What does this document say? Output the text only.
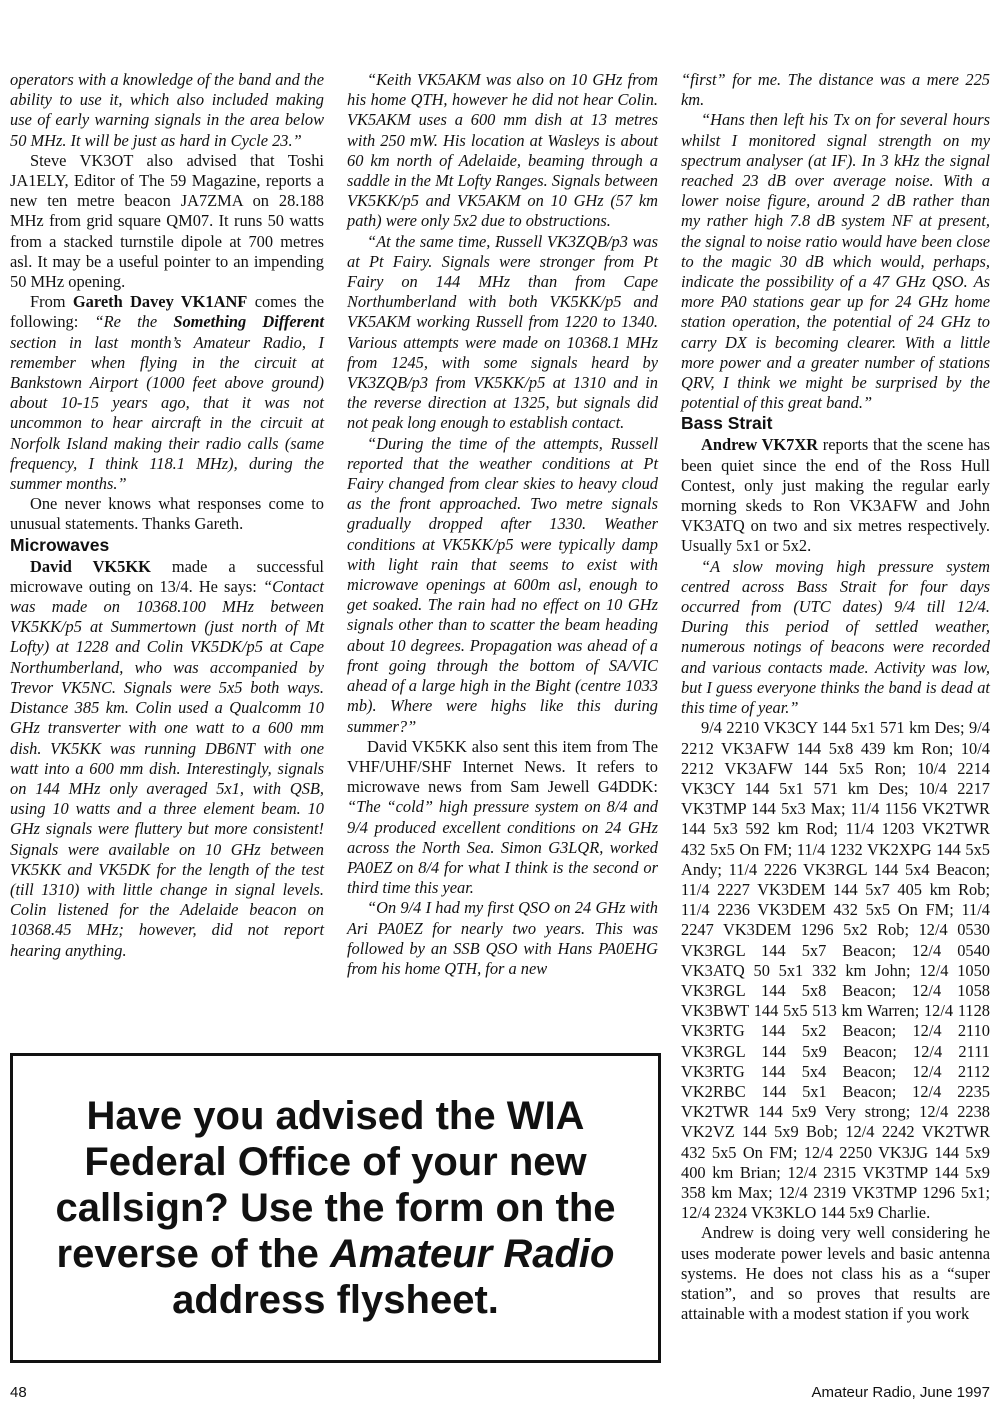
operators with a knowledge of the band and the ability to use it, which also included making use of early warning signals in the area below 50 MHz. It will be just as hard in Cycle 23.”

Steve VK3OT also advised that Toshi JA1ELY, Editor of The 59 Magazine, reports a new ten metre beacon JA7ZMA on 28.188 MHz from grid square QM07. It runs 50 watts from a stacked turnstile dipole at 700 metres asl. It may be a useful pointer to an impending 50 MHz opening.

From Gareth Davey VK1ANF comes the following: “Re the Something Different section in last month’s Amateur Radio, I remember when flying in the circuit at Bankstown Airport (1000 feet above ground) about 10-15 years ago, that it was not uncommon to hear aircraft in the circuit at Norfolk Island making their radio calls (same frequency, I think 118.1 MHz), during the summer months.”

One never knows what responses come to unusual statements. Thanks Gareth.

Microwaves

David VK5KK made a successful microwave outing on 13/4. He says: “Contact was made on 10368.100 MHz between VK5KK/p5 at Summertown (just north of Mt Lofty) at 1228 and Colin VK5DK/p5 at Cape Northumberland, who was accompanied by Trevor VK5NC. Signals were 5x5 both ways. Distance 385 km. Colin used a Qualcomm 10 GHz transverter with one watt to a 600 mm dish. VK5KK was running DB6NT with one watt into a 600 mm dish. Interestingly, signals on 144 MHz only averaged 5x1, with QSB, using 10 watts and a three element beam. 10 GHz signals were fluttery but more consistent! Signals were available on 10 GHz between VK5KK and VK5DK for the length of the test (till 1310) with little change in signal levels. Colin listened for the Adelaide beacon on 10368.45 MHz; however, did not report hearing anything.

“Keith VK5AKM was also on 10 GHz from his home QTH, however he did not hear Colin. VK5AKM uses a 600 mm dish at 13 metres with 250 mW. His location at Wasleys is about 60 km north of Adelaide, beaming through a saddle in the Mt Lofty Ranges. Signals between VK5KK/p5 and VK5AKM on 10 GHz (57 km path) were only 5x2 due to obstructions.

“At the same time, Russell VK3ZQB/p3 was at Pt Fairy. Signals were stronger from Pt Fairy on 144 MHz than from Cape Northumberland with both VK5KK/p5 and VK5AKM working Russell from 1220 to 1340. Various attempts were made on 10368.1 MHz from 1245, with some signals heard by VK3ZQB/p3 from VK5KK/p5 at 1310 and in the reverse direction at 1325, but signals did not peak long enough to establish contact.

“During the time of the attempts, Russell reported that the weather conditions at Pt Fairy changed from clear skies to heavy cloud as the front approached. Two metre signals gradually dropped after 1330. Weather conditions at VK5KK/p5 were typically damp with light rain that seems to exist with microwave openings at 600m asl, enough to get soaked. The rain had no effect on 10 GHz signals other than to scatter the beam heading about 10 degrees. Propagation was ahead of a front going through the bottom of SA/VIC ahead of a large high in the Bight (centre 1033 mb). Where were highs like this during summer?”

David VK5KK also sent this item from The VHF/UHF/SHF Internet News. It refers to microwave news from Sam Jewell G4DDK: “The “cold” high pressure system on 8/4 and 9/4 produced excellent conditions on 24 GHz across the North Sea. Simon G3LQR, worked PA0EZ on 8/4 for what I think is the second or third time this year.

“On 9/4 I had my first QSO on 24 GHz with Ari PA0EZ for nearly two years. This was followed by an SSB QSO with Hans PA0EHG from his home QTH, for a new

“first” for me. The distance was a mere 225 km.

“Hans then left his Tx on for several hours whilst I monitored signal strength on my spectrum analyser (at IF). In 3 kHz the signal reached 23 dB over average noise. With a lower noise figure, around 2 dB rather than my rather high 7.8 dB system NF at present, the signal to noise ratio would have been close to the magic 30 dB which would, perhaps, indicate the possibility of a 47 GHz QSO. As more PA0 stations gear up for 24 GHz home station operation, the potential of 24 GHz to carry DX is becoming clearer. With a little more power and a greater number of stations QRV, I think we might be surprised by the potential of this great band.”

Bass Strait

Andrew VK7XR reports that the scene has been quiet since the end of the Ross Hull Contest, only just making the regular early morning skeds to Ron VK3AFW and John VK3ATQ on two and six metres respectively. Usually 5x1 or 5x2.

“A slow moving high pressure system centred across Bass Strait for four days occurred from (UTC dates) 9/4 till 12/4. During this period of settled weather, numerous notings of beacons were recorded and various contacts made. Activity was low, but I guess everyone thinks the band is dead at this time of year.”

9/4 2210 VK3CY 144 5x1 571 km Des; 9/4 2212 VK3AFW 144 5x8 439 km Ron; 10/4 2212 VK3AFW 144 5x5 Ron; 10/4 2214 VK3CY 144 5x1 571 km Des; 10/4 2217 VK3TMP 144 5x3 Max; 11/4 1156 VK2TWR 144 5x3 592 km Rod; 11/4 1203 VK2TWR 432 5x5 On FM; 11/4 1232 VK2XPG 144 5x5 Andy; 11/4 2226 VK3RGL 144 5x4 Beacon; 11/4 2227 VK3DEM 144 5x7 405 km Rob; 11/4 2236 VK3DEM 432 5x5 On FM; 11/4 2247 VK3DEM 1296 5x2 Rob; 12/4 0530 VK3RGL 144 5x7 Beacon; 12/4 0540 VK3ATQ 50 5x1 332 km John; 12/4 1050 VK3RGL 144 5x8 Beacon; 12/4 1058 VK3BWT 144 5x5 513 km Warren; 12/4 1128 VK3RTG 144 5x2 Beacon; 12/4 2110 VK3RGL 144 5x9 Beacon; 12/4 2111 VK3RTG 144 5x4 Beacon; 12/4 2112 VK2RBC 144 5x1 Beacon; 12/4 2235 VK2TWR 144 5x9 Very strong; 12/4 2238 VK2VZ 144 5x9 Bob; 12/4 2242 VK2TWR 432 5x5 On FM; 12/4 2250 VK3JG 144 5x9 400 km Brian; 12/4 2315 VK3TMP 144 5x9 358 km Max; 12/4 2319 VK3TMP 1296 5x1; 12/4 2324 VK3KLO 144 5x9 Charlie.

Andrew is doing very well considering he uses moderate power levels and basic antenna systems. He does not class his as a “super station”, and so proves that results are attainable with a modest station if you work

Have you advised the WIA Federal Office of your new callsign? Use the form on the reverse of the Amateur Radio address flysheet.
48	Amateur Radio, June 1997
